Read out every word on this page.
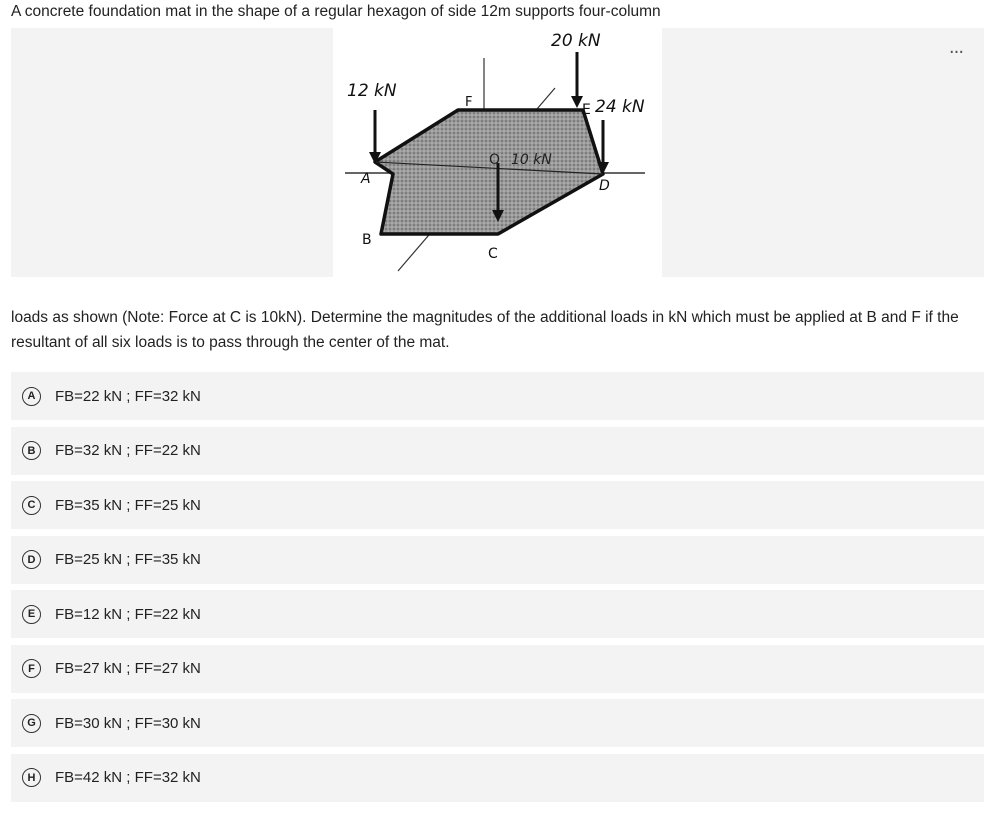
A concrete foundation mat in the shape of a regular hexagon of side 12m supports four-column
20 kN
12 kN
24 kN
10 kN
O
A
B
C
D
E
F
...
loads as shown (Note: Force at C is 10kN). Determine the magnitudes of the additional loads in kN which must be applied at B and F if the resultant of all six loads is to pass through the center of the mat.
A	FB=22 kN ; FF=32 kN
B	FB=32 kN ; FF=22 kN
C	FB=35 kN ; FF=25 kN
D	FB=25 kN ; FF=35 kN
E	FB=12 kN ; FF=22 kN
F	FB=27 kN ; FF=27 kN
G	FB=30 kN ; FF=30 kN
H	FB=42 kN ; FF=32 kN
